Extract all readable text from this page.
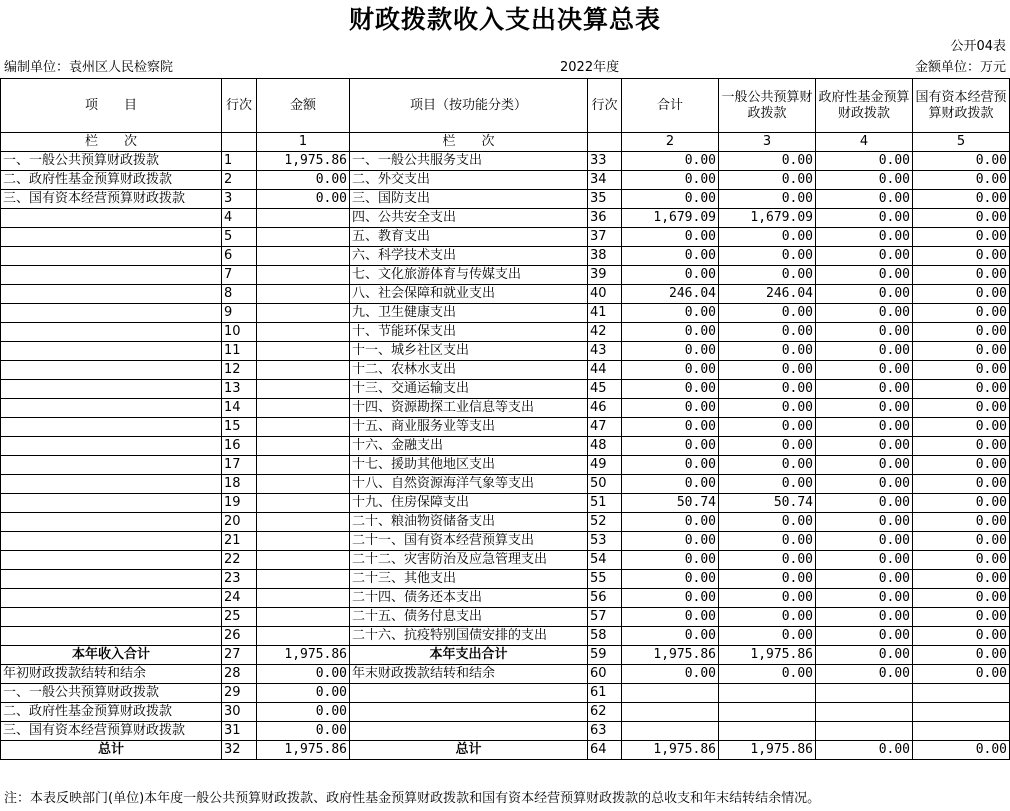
财政拨款收入支出决算总表
公开04表
编制单位：袁州区人民检察院	2022年度	金额单位：万元
项　　目	行次	金额	项目（按功能分类）	行次	合计	一般公共预算财政拨款	政府性基金预算财政拨款	国有资本经营预算财政拨款
栏　　次		1	栏　　次		2	3	4	5
一、一般公共预算财政拨款	1	1,975.86	一、一般公共服务支出	33	0.00	0.00	0.00	0.00
二、政府性基金预算财政拨款	2	0.00	二、外交支出	34	0.00	0.00	0.00	0.00
三、国有资本经营预算财政拨款	3	0.00	三、国防支出	35	0.00	0.00	0.00	0.00
	4		四、公共安全支出	36	1,679.09	1,679.09	0.00	0.00
	5		五、教育支出	37	0.00	0.00	0.00	0.00
	6		六、科学技术支出	38	0.00	0.00	0.00	0.00
	7		七、文化旅游体育与传媒支出	39	0.00	0.00	0.00	0.00
	8		八、社会保障和就业支出	40	246.04	246.04	0.00	0.00
	9		九、卫生健康支出	41	0.00	0.00	0.00	0.00
	10		十、节能环保支出	42	0.00	0.00	0.00	0.00
	11		十一、城乡社区支出	43	0.00	0.00	0.00	0.00
	12		十二、农林水支出	44	0.00	0.00	0.00	0.00
	13		十三、交通运输支出	45	0.00	0.00	0.00	0.00
	14		十四、资源勘探工业信息等支出	46	0.00	0.00	0.00	0.00
	15		十五、商业服务业等支出	47	0.00	0.00	0.00	0.00
	16		十六、金融支出	48	0.00	0.00	0.00	0.00
	17		十七、援助其他地区支出	49	0.00	0.00	0.00	0.00
	18		十八、自然资源海洋气象等支出	50	0.00	0.00	0.00	0.00
	19		十九、住房保障支出	51	50.74	50.74	0.00	0.00
	20		二十、粮油物资储备支出	52	0.00	0.00	0.00	0.00
	21		二十一、国有资本经营预算支出	53	0.00	0.00	0.00	0.00
	22		二十二、灾害防治及应急管理支出	54	0.00	0.00	0.00	0.00
	23		二十三、其他支出	55	0.00	0.00	0.00	0.00
	24		二十四、债务还本支出	56	0.00	0.00	0.00	0.00
	25		二十五、债务付息支出	57	0.00	0.00	0.00	0.00
	26		二十六、抗疫特别国债安排的支出	58	0.00	0.00	0.00	0.00
本年收入合计	27	1,975.86	本年支出合计	59	1,975.86	1,975.86	0.00	0.00
年初财政拨款结转和结余	28	0.00	年末财政拨款结转和结余	60	0.00	0.00	0.00	0.00
一、一般公共预算财政拨款	29	0.00		61				
二、政府性基金预算财政拨款	30	0.00		62				
三、国有资本经营预算财政拨款	31	0.00		63				
总计	32	1,975.86	总计	64	1,975.86	1,975.86	0.00	0.00
注：本表反映部门(单位)本年度一般公共预算财政拨款、政府性基金预算财政拨款和国有资本经营预算财政拨款的总收支和年末结转结余情况。
